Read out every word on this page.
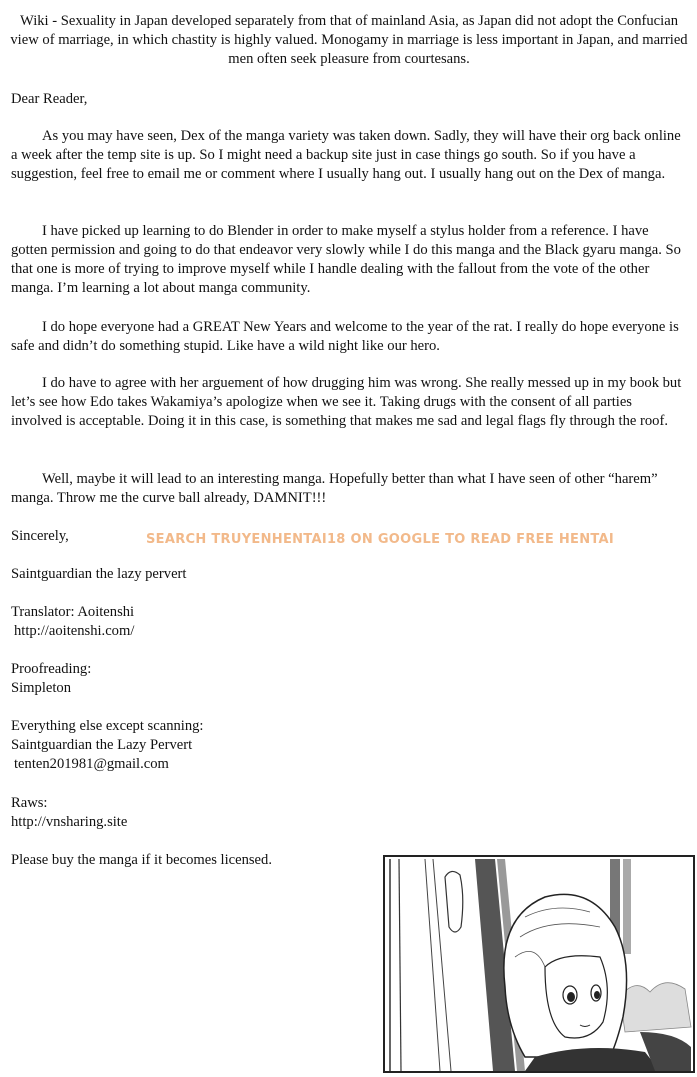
Wiki - Sexuality in Japan developed separately from that of mainland Asia, as Japan did not adopt the Confucian view of marriage, in which chastity is highly valued. Monogamy in marriage is less important in Japan, and married men often seek pleasure from courtesans.
Dear Reader,
As you may have seen, Dex of the manga variety was taken down. Sadly, they will have their org back online a week after the temp site is up. So I might need a backup site just in case things go south. So if you have a suggestion, feel free to email me or comment where I usually hang out. I usually hang out on the Dex of manga.
I have picked up learning to do Blender in order to make myself a stylus holder from a reference. I have gotten permission and going to do that endeavor very slowly while I do this manga and the Black gyaru manga. So that one is more of trying to improve myself while I handle dealing with the fallout from the vote of the other manga. I’m learning a lot about manga community.
I do hope everyone had a GREAT New Years and welcome to the year of the rat. I really do hope everyone is safe and didn’t do something stupid. Like have a wild night like our hero.
I do have to agree with her arguement of how drugging him was wrong. She really messed up in my book but let’s see how Edo takes Wakamiya’s apologize when we see it. Taking drugs with the consent of all parties involved is acceptable. Doing it in this case, is something that makes me sad and legal flags fly through the roof.
Well, maybe it will lead to an interesting manga. Hopefully better than what I have seen of other “harem” manga. Throw me the curve ball already, DAMNIT!!!
Sincerely,	SEARCH TRUYENHENTAI18 ON GOOGLE TO READ FREE HENTAI
Saintguardian the lazy pervert
Translator: Aoitenshi
http://aoitenshi.com/
Proofreading:
Simpleton
Everything else except scanning:
Saintguardian the Lazy Pervert
tenten201981@gmail.com
Raws:
http://vnsharing.site
Please buy the manga if it becomes licensed.
